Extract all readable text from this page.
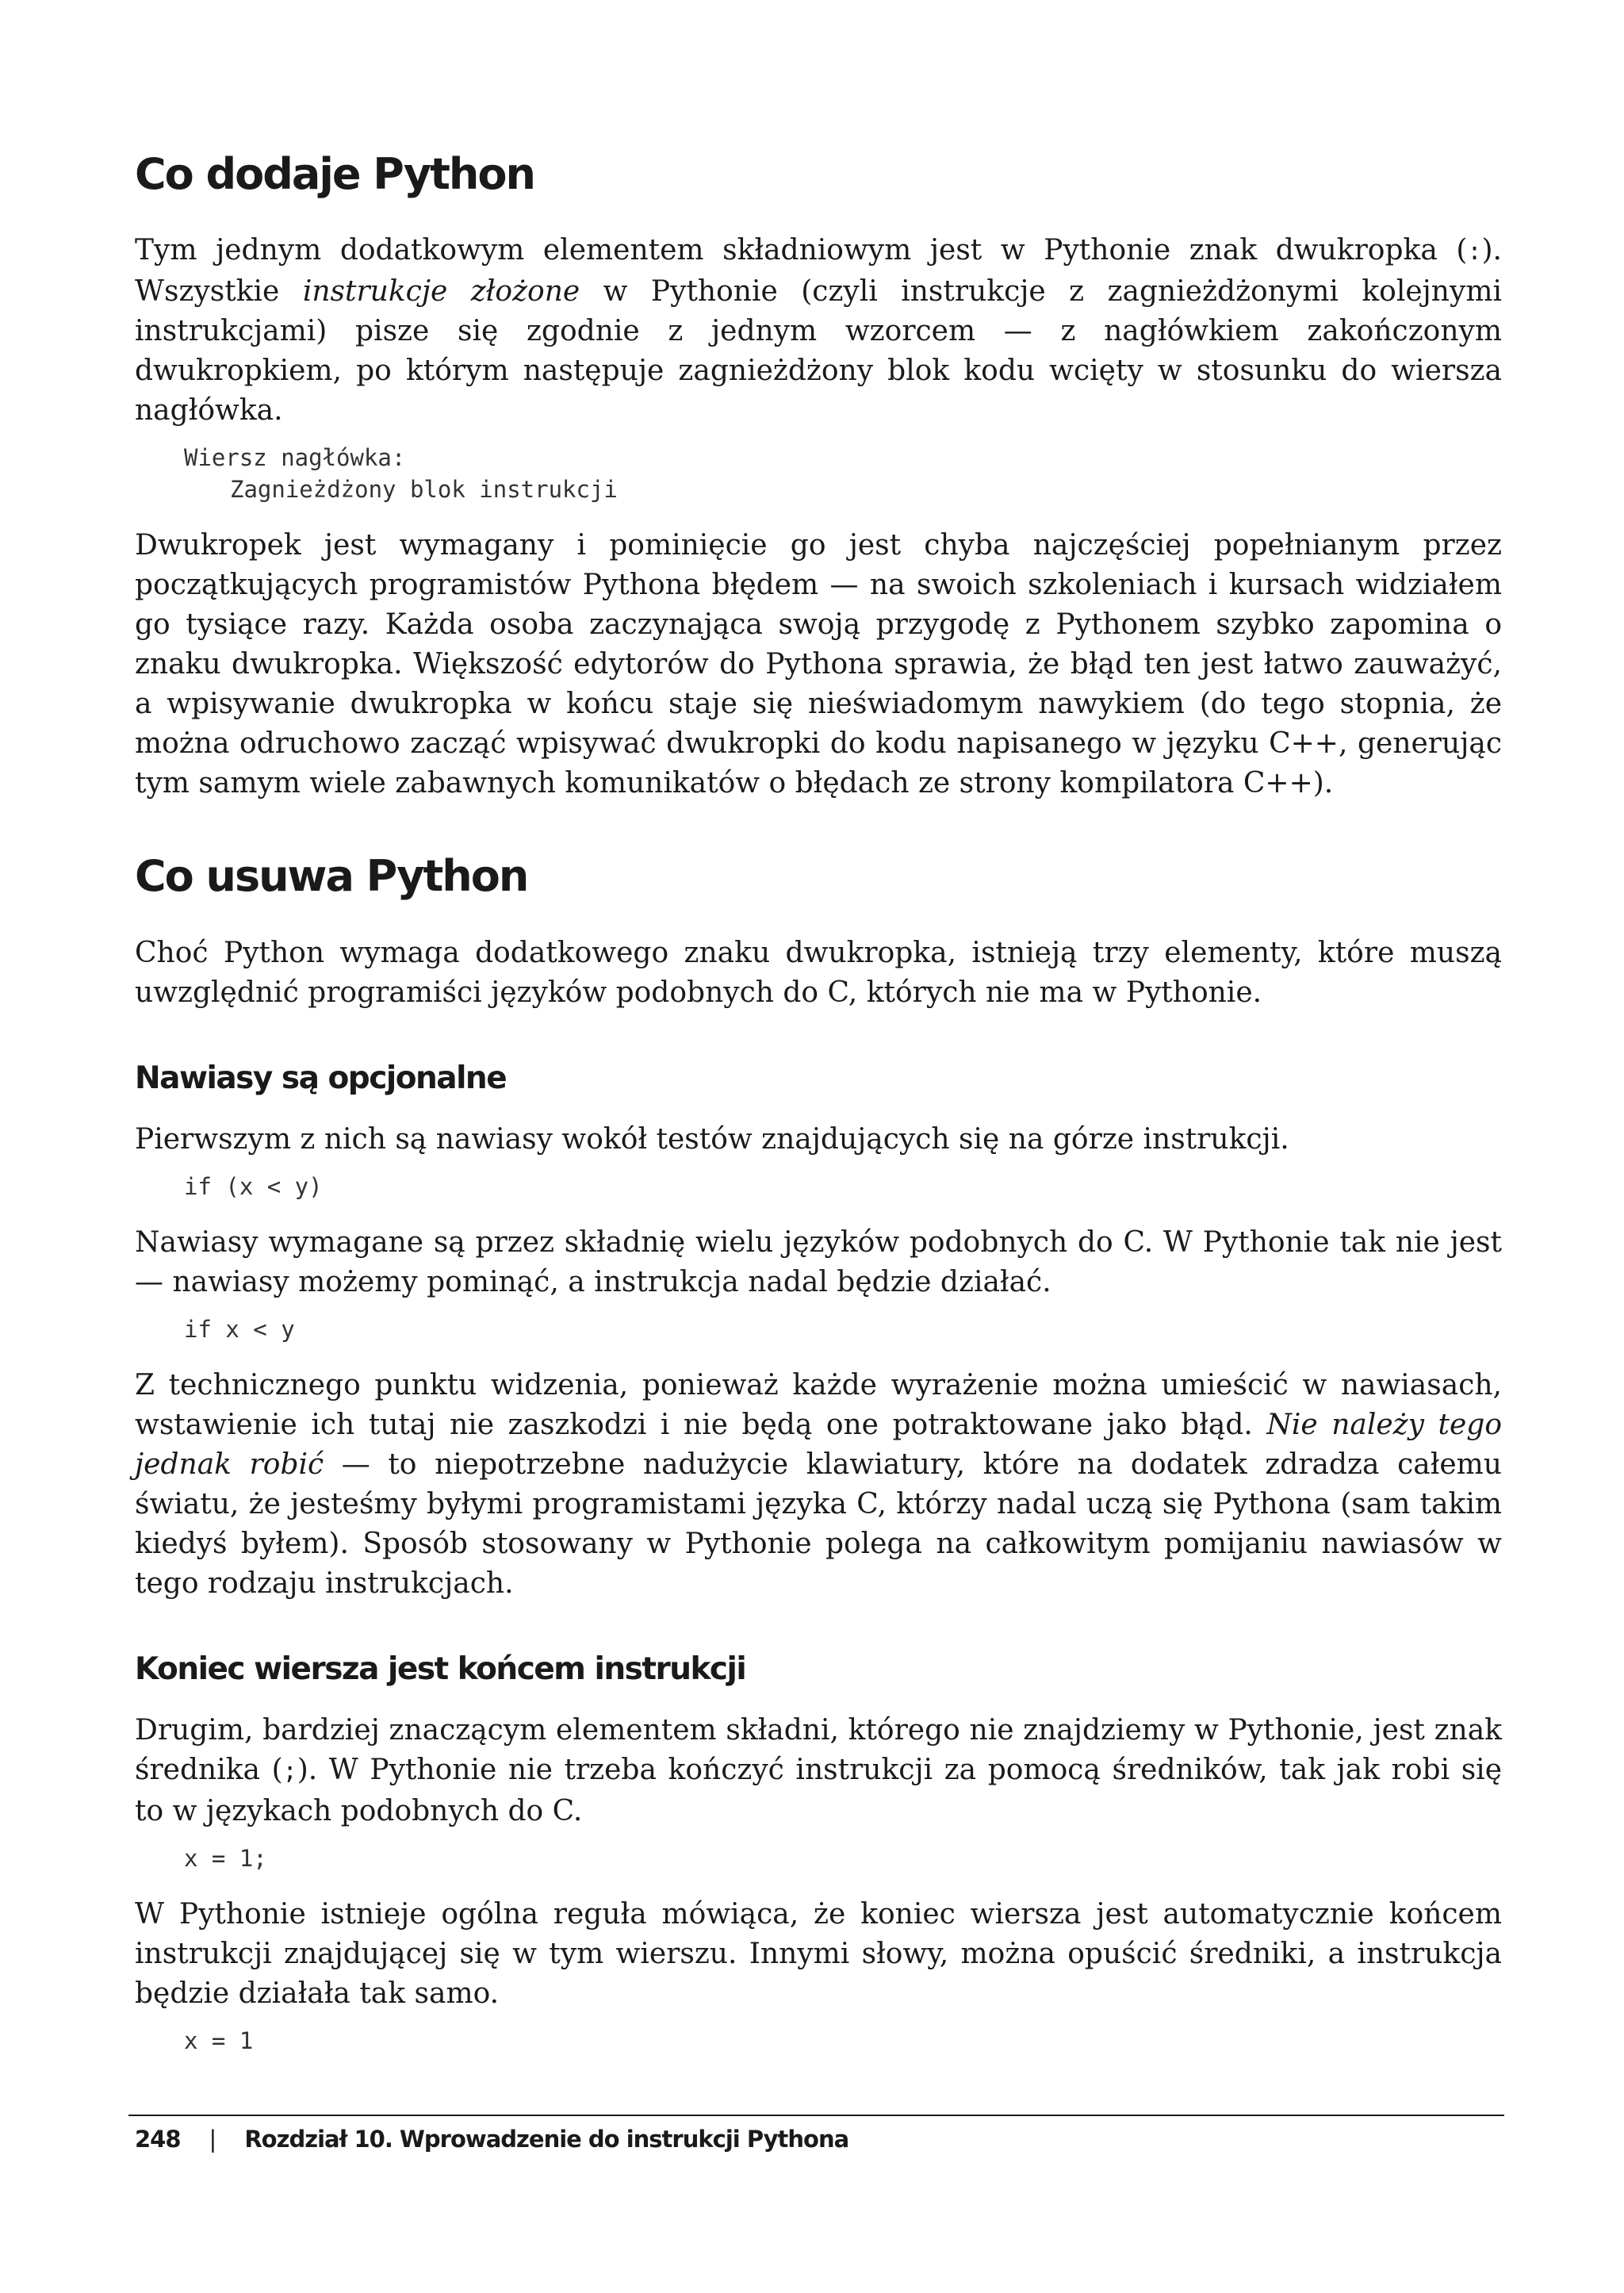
Co dodaje Python

Tym jednym dodatkowym elementem składniowym jest w Pythonie znak dwukropka (:). Wszystkie instrukcje złożone w Pythonie (czyli instrukcje z zagnieżdżonymi kolejnymi instrukcjami) pisze się zgodnie z jednym wzorcem — z nagłówkiem zakończonym dwukropkiem, po którym następuje zagnieżdżony blok kodu wcięty w stosunku do wiersza nagłówka.

Wiersz nagłówka:
Zagnieżdżony blok instrukcji

Dwukropek jest wymagany i pominięcie go jest chyba najczęściej popełnianym przez początkujących programistów Pythona błędem — na swoich szkoleniach i kursach widziałem go tysiące razy. Każda osoba zaczynająca swoją przygodę z Pythonem szybko zapomina o znaku dwukropka. Większość edytorów do Pythona sprawia, że błąd ten jest łatwo zauważyć, a wpisywanie dwukropka w końcu staje się nieświadomym nawykiem (do tego stopnia, że można odruchowo zacząć wpisywać dwukropki do kodu napisanego w języku C++, generując tym samym wiele zabawnych komunikatów o błędach ze strony kompilatora C++).

Co usuwa Python

Choć Python wymaga dodatkowego znaku dwukropka, istnieją trzy elementy, które muszą uwzględnić programiści języków podobnych do C, których nie ma w Pythonie.

Nawiasy są opcjonalne

Pierwszym z nich są nawiasy wokół testów znajdujących się na górze instrukcji.

if (x < y)

Nawiasy wymagane są przez składnię wielu języków podobnych do C. W Pythonie tak nie jest — nawiasy możemy pominąć, a instrukcja nadal będzie działać.

if x < y

Z technicznego punktu widzenia, ponieważ każde wyrażenie można umieścić w nawiasach, wstawienie ich tutaj nie zaszkodzi i nie będą one potraktowane jako błąd. Nie należy tego jednak robić — to niepotrzebne nadużycie klawiatury, które na dodatek zdradza całemu światu, że jesteśmy byłymi programistami języka C, którzy nadal uczą się Pythona (sam takim kiedyś byłem). Sposób stosowany w Pythonie polega na całkowitym pomijaniu nawiasów w tego rodzaju instrukcjach.

Koniec wiersza jest końcem instrukcji

Drugim, bardziej znaczącym elementem składni, którego nie znajdziemy w Pythonie, jest znak średnika (;). W Pythonie nie trzeba kończyć instrukcji za pomocą średników, tak jak robi się to w językach podobnych do C.

x = 1;

W Pythonie istnieje ogólna reguła mówiąca, że koniec wiersza jest automatycznie końcem instrukcji znajdującej się w tym wierszu. Innymi słowy, można opuścić średniki, a instrukcja będzie działała tak samo.

x = 1
248 | Rozdział 10. Wprowadzenie do instrukcji Pythona
